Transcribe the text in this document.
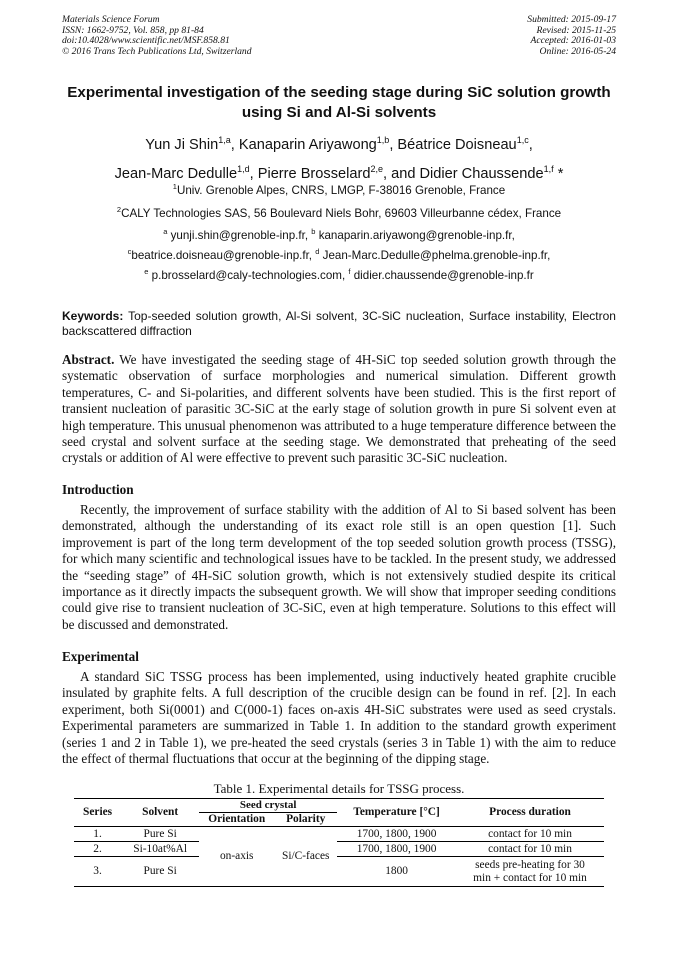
Materials Science Forum
ISSN: 1662-9752, Vol. 858, pp 81-84
doi:10.4028/www.scientific.net/MSF.858.81
© 2016 Trans Tech Publications Ltd, Switzerland
Submitted: 2015-09-17
Revised: 2015-11-25
Accepted: 2016-01-03
Online: 2016-05-24
Experimental investigation of the seeding stage during SiC solution growth using Si and Al-Si solvents
Yun Ji Shin$^{1,a}$, Kanaparin Ariyawong$^{1,b}$, Béatrice Doisneau$^{1,c}$,
Jean-Marc Dedulle$^{1,d}$, Pierre Brosselard$^{2,e}$, and Didier Chaussende$^{1,f}$ *
$^1$Univ. Grenoble Alpes, CNRS, LMGP, F-38016 Grenoble, France
$^2$CALY Technologies SAS, 56 Boulevard Niels Bohr, 69603 Villeurbanne cédex, France
$^a$ yunji.shin@grenoble-inp.fr, $^b$ kanaparin.ariyawong@grenoble-inp.fr,
$^c$beatrice.doisneau@grenoble-inp.fr, $^d$ Jean-Marc.Dedulle@phelma.grenoble-inp.fr,
$^e$ p.brosselard@caly-technologies.com, $^f$ didier.chaussende@grenoble-inp.fr
Keywords: Top-seeded solution growth, Al-Si solvent, 3C-SiC nucleation, Surface instability, Electron backscattered diffraction
Abstract. We have investigated the seeding stage of 4H-SiC top seeded solution growth through the systematic observation of surface morphologies and numerical simulation. Different growth temperatures, C- and Si-polarities, and different solvents have been studied. This is the first report of transient nucleation of parasitic 3C-SiC at the early stage of solution growth in pure Si solvent even at high temperature. This unusual phenomenon was attributed to a huge temperature difference between the seed crystal and solvent surface at the seeding stage. We demonstrated that preheating of the seed crystals or addition of Al were effective to prevent such parasitic 3C-SiC nucleation.
Introduction
Recently, the improvement of surface stability with the addition of Al to Si based solvent has been demonstrated, although the understanding of its exact role still is an open question [1]. Such improvement is part of the long term development of the top seeded solution growth process (TSSG), for which many scientific and technological issues have to be tackled. In the present study, we addressed the “seeding stage” of 4H-SiC solution growth, which is not extensively studied despite its critical importance as it directly impacts the subsequent growth. We will show that improper seeding conditions could give rise to transient nucleation of 3C-SiC, even at high temperature. Solutions to this effect will be discussed and demonstrated.
Experimental
A standard SiC TSSG process has been implemented, using inductively heated graphite crucible insulated by graphite felts. A full description of the crucible design can be found in ref. [2]. In each experiment, both Si(0001) and C(000-1) faces on-axis 4H-SiC substrates were used as seed crystals. Experimental parameters are summarized in Table 1. In addition to the standard growth experiment (series 1 and 2 in Table 1), we pre-heated the seed crystals (series 3 in Table 1) with the aim to reduce the effect of thermal fluctuations that occur at the beginning of the dipping stage.
Table 1. Experimental details for TSSG process.
Series	Solvent	Seed crystal		Temperature [°C]	Process duration
		Orientation	Polarity		
1.	Pure Si	on-axis	Si/C-faces	1700, 1800, 1900	contact for 10 min
2.	Si-10at%Al			1700, 1800, 1900	contact for 10 min
3.	Pure Si			1800	seeds pre-heating for 30
min + contact for 10 min
